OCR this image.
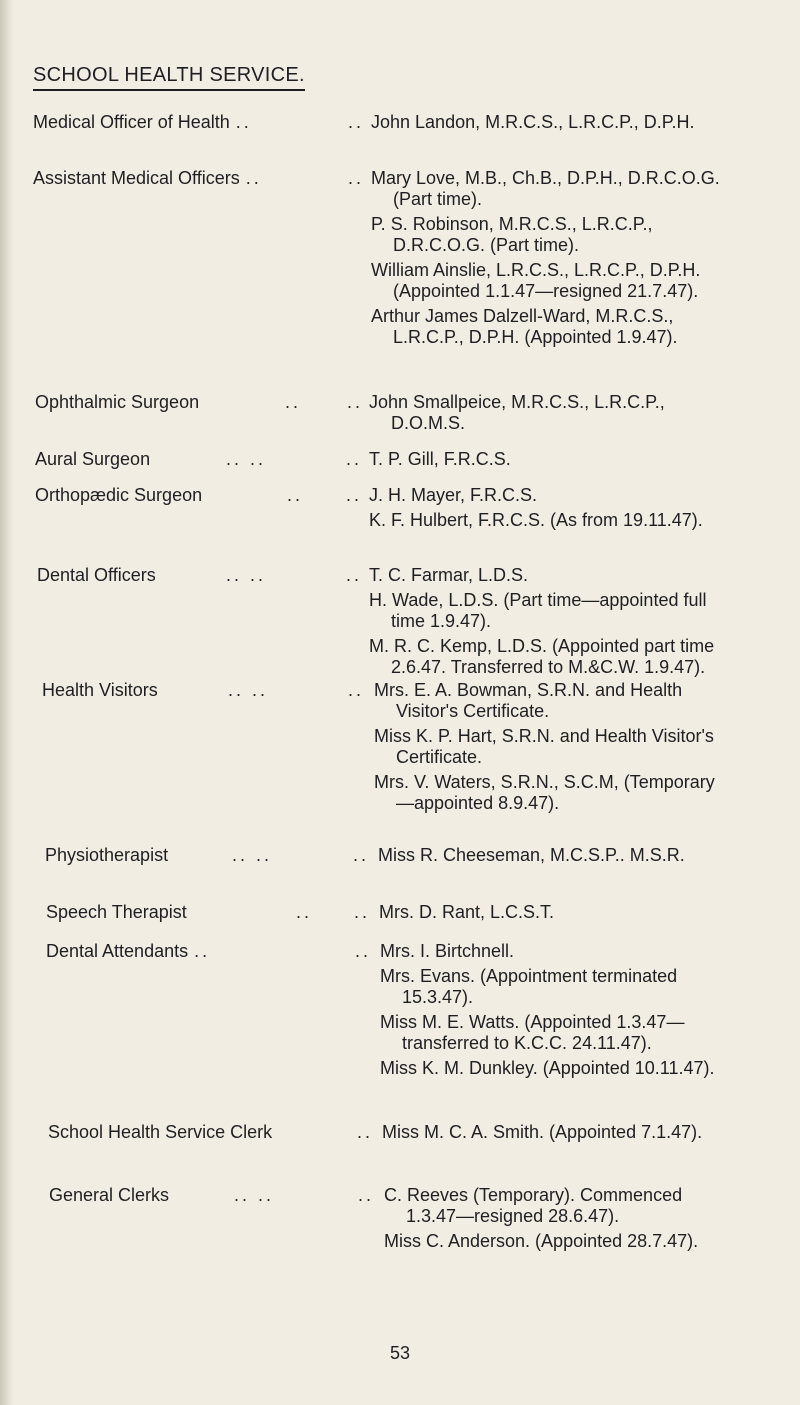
SCHOOL HEALTH SERVICE.
Medical Officer of Health ..	.. John Landon, M.R.C.S., L.R.C.P., D.P.H.
Assistant Medical Officers ..	.. Mary Love, M.B., Ch.B., D.P.H., D.R.C.O.G. (Part time).
P. S. Robinson, M.R.C.S., L.R.C.P., D.R.C.O.G. (Part time).
William Ainslie, L.R.C.S., L.R.C.P., D.P.H. (Appointed 1.1.47—resigned 21.7.47).
Arthur James Dalzell-Ward, M.R.C.S., L.R.C.P., D.P.H. (Appointed 1.9.47).
Ophthalmic Surgeon	..	.. John Smallpeice, M.R.C.S., L.R.C.P., D.O.M.S.
Aural Surgeon	.. ..	.. T. P. Gill, F.R.C.S.
Orthopædic Surgeon	.. .. J. H. Mayer, F.R.C.S.
K. F. Hulbert, F.R.C.S. (As from 19.11.47).
Dental Officers	.. ..	.. T. C. Farmar, L.D.S.
H. Wade, L.D.S. (Part time—appointed full time 1.9.47).
M. R. C. Kemp, L.D.S. (Appointed part time 2.6.47. Transferred to M.&C.W. 1.9.47).
Health Visitors	.. ..	.. Mrs. E. A. Bowman, S.R.N. and Health Visitor's Certificate.
Miss K. P. Hart, S.R.N. and Health Visitor's Certificate.
Mrs. V. Waters, S.R.N., S.C.M, (Temporary—appointed 8.9.47).
Physiotherapist	.. ..	.. Miss R. Cheeseman, M.C.S.P.. M.S.R.
Speech Therapist	.. .. Mrs. D. Rant, L.C.S.T.
Dental Attendants ..	.. Mrs. I. Birtchnell.
Mrs. Evans. (Appointment terminated 15.3.47).
Miss M. E. Watts. (Appointed 1.3.47—transferred to K.C.C. 24.11.47).
Miss K. M. Dunkley. (Appointed 10.11.47).
School Health Service Clerk	.. Miss M. C. A. Smith. (Appointed 7.1.47).
General Clerks	.. ..	.. C. Reeves (Temporary). Commenced 1.3.47—resigned 28.6.47).
Miss C. Anderson. (Appointed 28.7.47).
53
